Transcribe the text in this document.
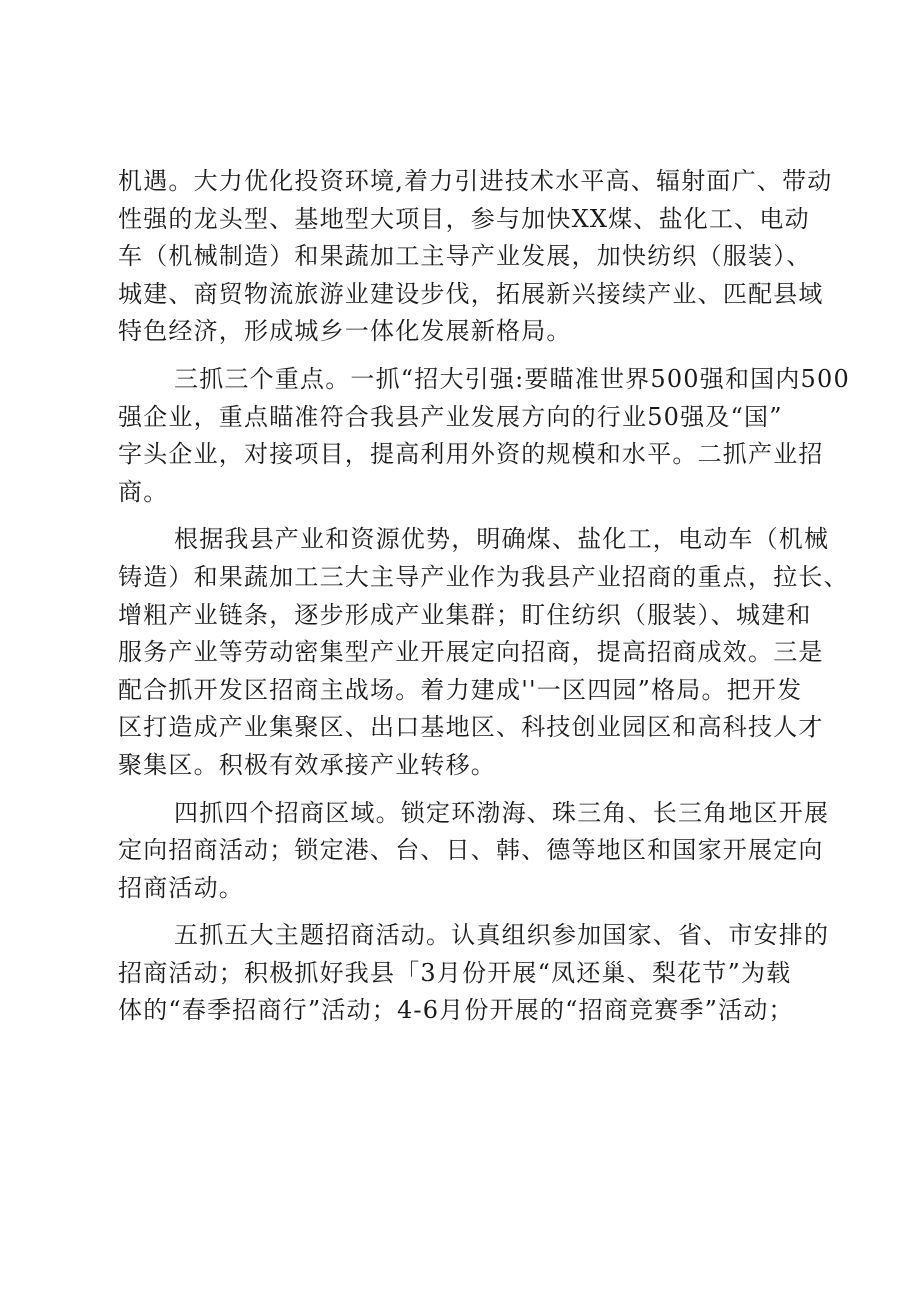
机遇。大力优化投资环境,着力引进技术水平高、辐射面广、带动
性强的龙头型、基地型大项目，参与加快XX煤、盐化工、电动
车（机械制造）和果蔬加工主导产业发展，加快纺织（服装）、
城建、商贸物流旅游业建设步伐，拓展新兴接续产业、匹配县域
特色经济，形成城乡一体化发展新格局。
三抓三个重点。一抓“招大引强:要瞄准世界500强和国内500
强企业，重点瞄准符合我县产业发展方向的行业50强及“国”
字头企业，对接项目，提高利用外资的规模和水平。二抓产业招
商。
根据我县产业和资源优势，明确煤、盐化工，电动车（机械
铸造）和果蔬加工三大主导产业作为我县产业招商的重点，拉长、
增粗产业链条，逐步形成产业集群；盯住纺织（服装）、城建和
服务产业等劳动密集型产业开展定向招商，提高招商成效。三是
配合抓开发区招商主战场。着力建成''一区四园”格局。把开发
区打造成产业集聚区、出口基地区、科技创业园区和高科技人才
聚集区。积极有效承接产业转移。
四抓四个招商区域。锁定环渤海、珠三角、长三角地区开展
定向招商活动；锁定港、台、日、韩、德等地区和国家开展定向
招商活动。
五抓五大主题招商活动。认真组织参加国家、省、市安排的
招商活动；积极抓好我县「3月份开展“凤还巢、梨花节”为载
体的“春季招商行”活动；4-6月份开展的“招商竞赛季”活动；
